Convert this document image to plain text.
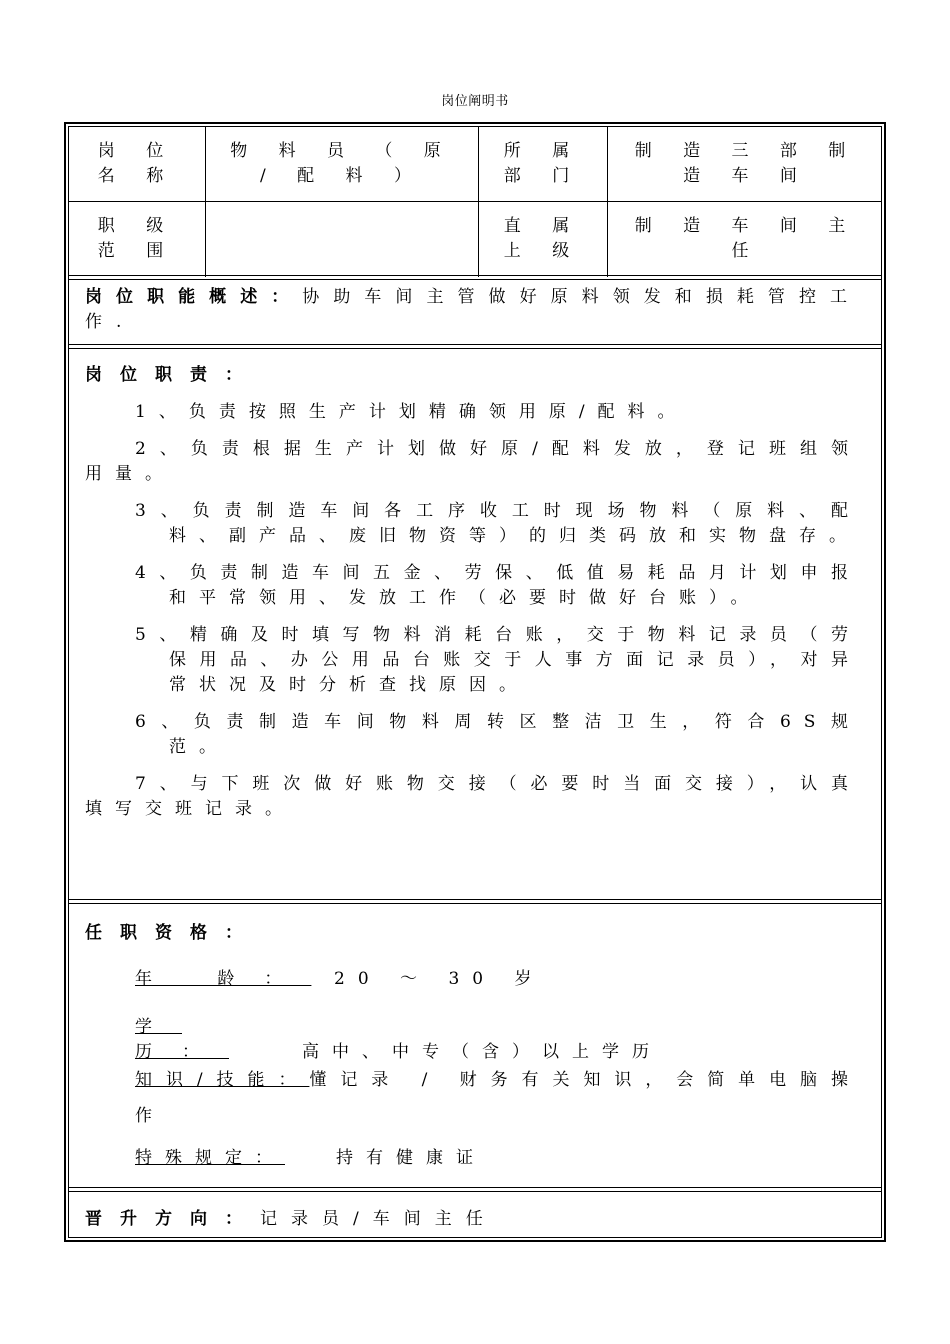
岗位阐明书
岗 位 名 称
物 料 员 （ 原 / 配 料 ）
所 属 部 门
制 造 三 部 制 造 车 间
职 级 范 围
直 属 上 级
制 造 车 间 主 任
岗位职能概述：协助车间主管做好原料领发和损耗管控工作.
岗位职责：

1、负责按照生产计划精确领用原/配料。

2、负责根据生产计划做好原/配料发放，登记班组领用量。

3、负责制造车间各工序收工时现场物料（原料、配料、副产品、废旧物资等）的归类码放和实物盘存。

4、负责制造车间五金、劳保、低值易耗品月计划申报和平常领用、发放工作（必要时做好台账）。

5、精确及时填写物料消耗台账，交于物料记录员（劳保用品、办公用品台账交于人事方面记录员），对异常状况及时分析查找原因。

6、负责制造车间物料周转区整洁卫生，符合6S规范。

7、与下班次做好账物交接（必要时当面交接），认真填写交班记录。

任职资格：
年 龄： 20 ～ 30 岁
学 历：	高中、中专（含）以上学历
知识/技能：懂记录 / 财务有关知识，会简单电脑操作
特殊规定：	持有健康证
晋升方向：记录员/车间主任
